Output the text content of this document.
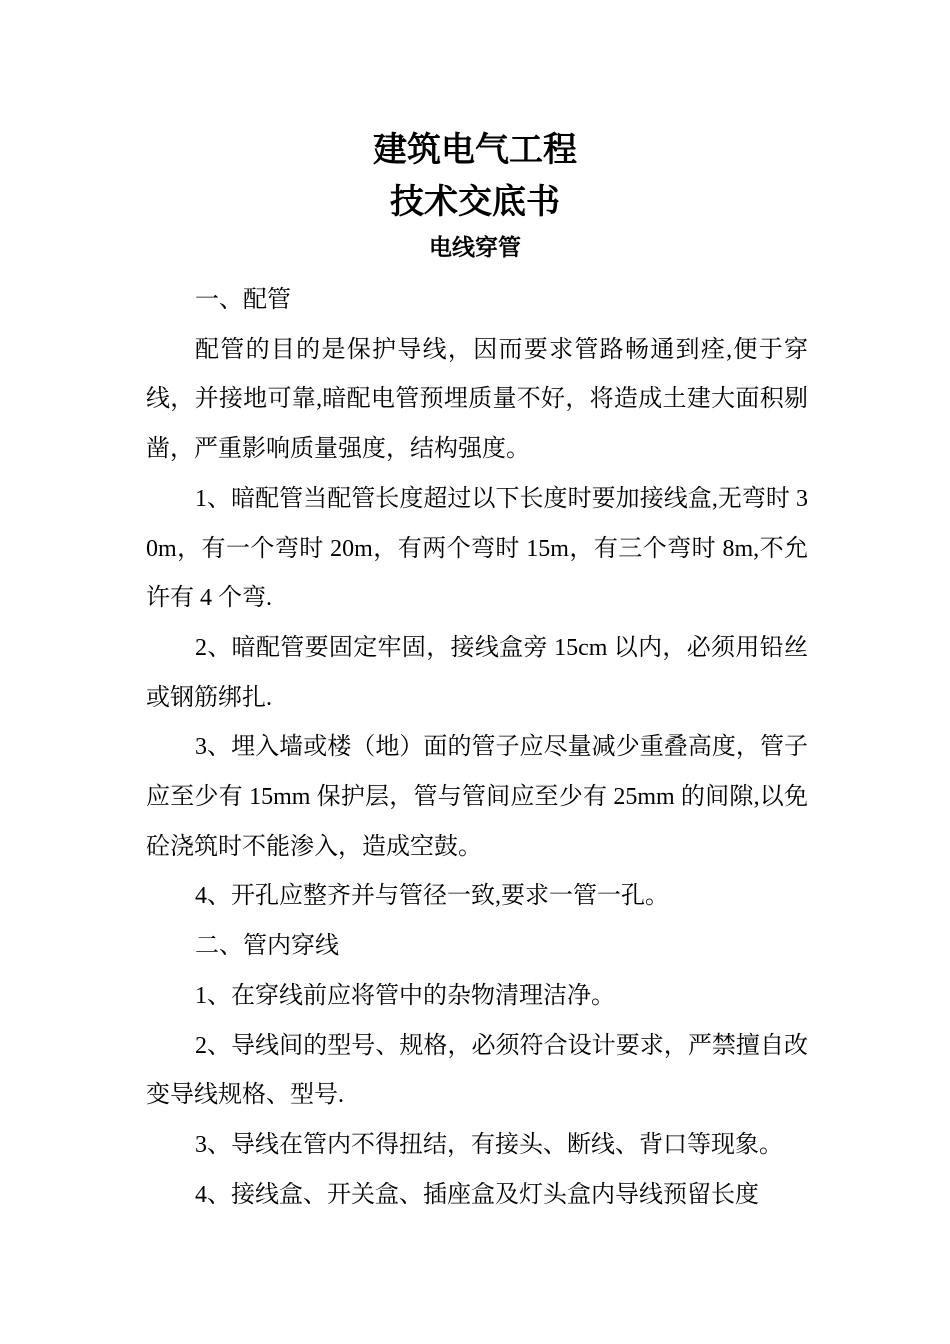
建筑电气工程
技术交底书
电线穿管

一、配管

配管的目的是保护导线，因而要求管路畅通到痊,便于穿线，并接地可靠,暗配电管预埋质量不好，将造成土建大面积剔凿，严重影响质量强度，结构强度。

1、暗配管当配管长度超过以下长度时要加接线盒,无弯时 30m，有一个弯时 20m，有两个弯时 15m，有三个弯时 8m,不允许有 4 个弯.

2、暗配管要固定牢固，接线盒旁 15cm 以内，必须用铅丝或钢筋绑扎.

3、埋入墙或楼（地）面的管子应尽量减少重叠高度，管子应至少有 15mm 保护层，管与管间应至少有 25mm 的间隙,以免砼浇筑时不能渗入，造成空鼓。

4、开孔应整齐并与管径一致,要求一管一孔。

二、管内穿线

1、在穿线前应将管中的杂物清理洁净。

2、导线间的型号、规格，必须符合设计要求，严禁擅自改变导线规格、型号.

3、导线在管内不得扭结，有接头、断线、背口等现象。

4、接线盒、开关盒、插座盒及灯头盒内导线预留长度
